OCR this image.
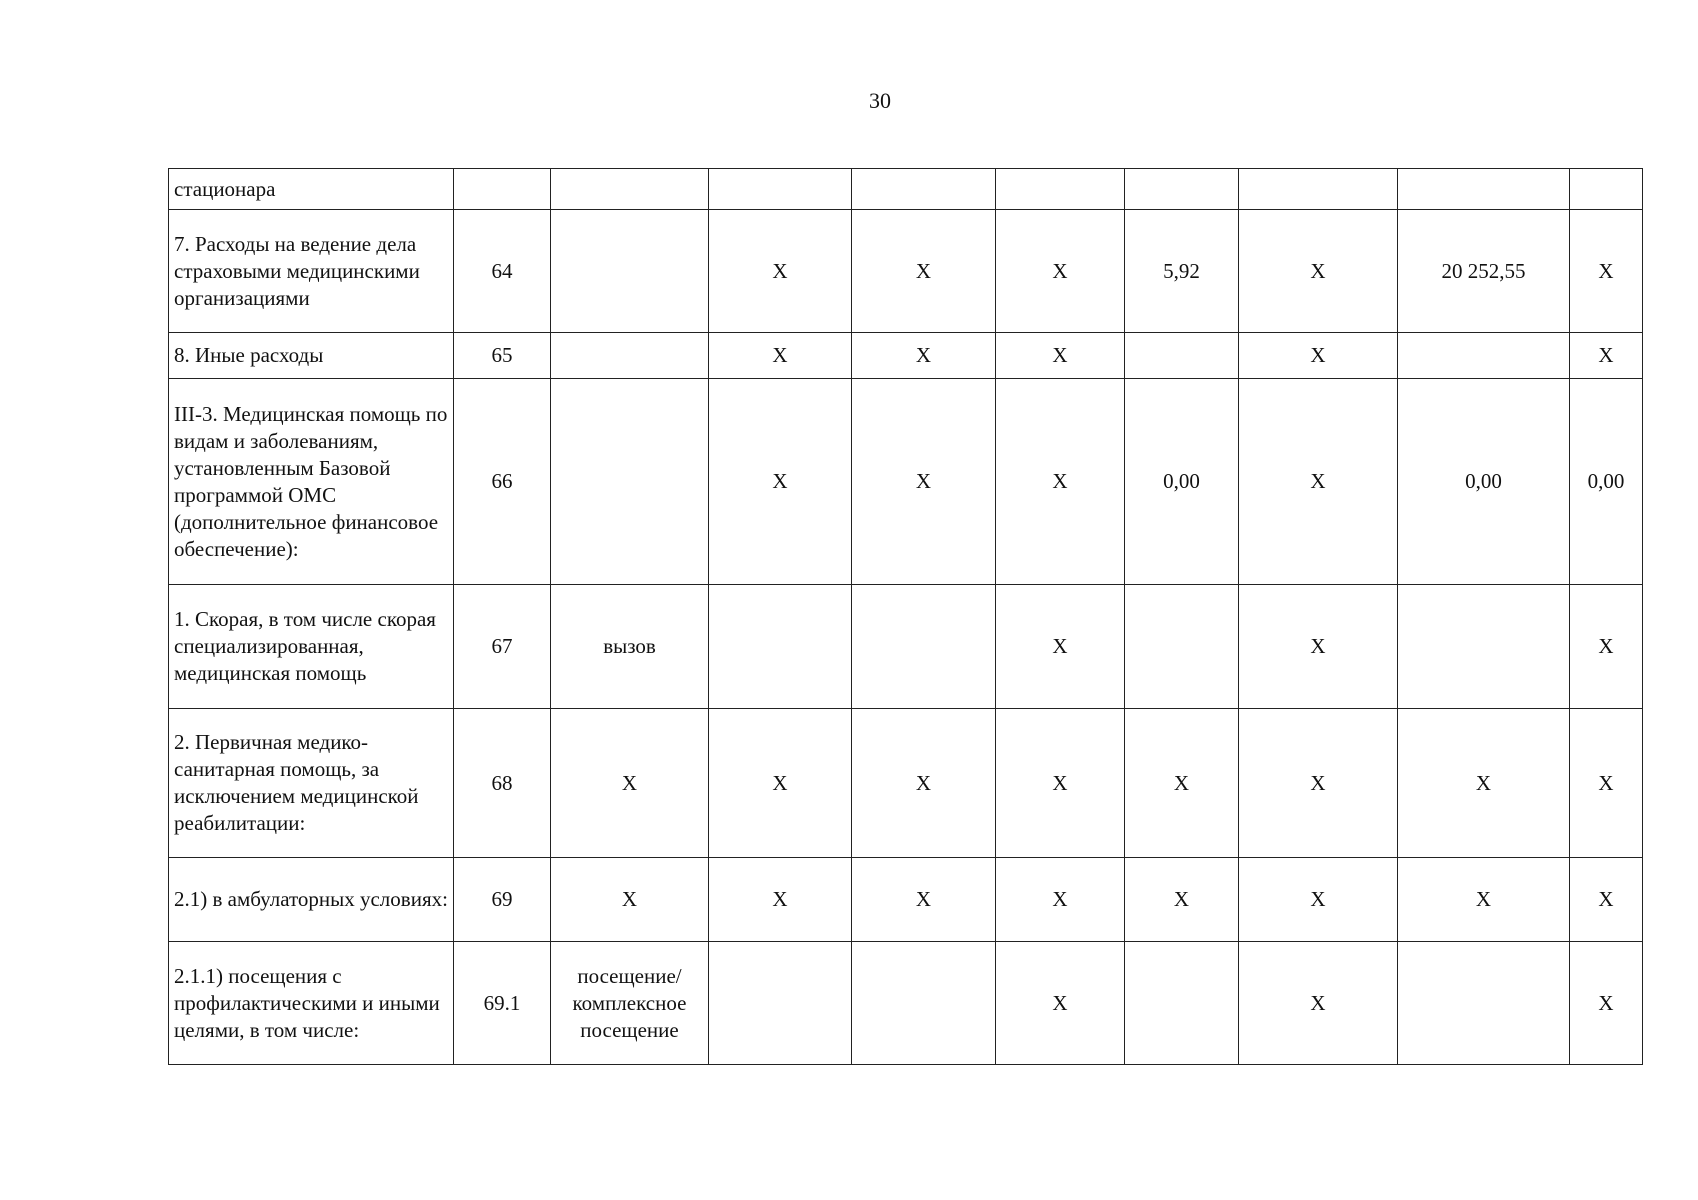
30
стационара									
7. Расходы на ведение дела страховыми медицинскими организациями	64		X	X	X	5,92	X	20 252,55	X
8. Иные расходы	65		X	X	X		X		X
III-3. Медицинская помощь по видам и заболеваниям, установленным Базовой программой ОМС (дополнительное финансовое обеспечение):	66		X	X	X	0,00	X	0,00	0,00
1. Скорая, в том числе скорая специализированная, медицинская помощь	67	вызов			X		X		X
2. Первичная медико-санитарная помощь, за исключением медицинской реабилитации:	68	X	X	X	X	X	X	X	X
2.1) в амбулаторных условиях:	69	X	X	X	X	X	X	X	X
2.1.1) посещения с профилактическими и иными целями, в том числе:	69.1	посещение/ комплексное посещение			X		X		X
